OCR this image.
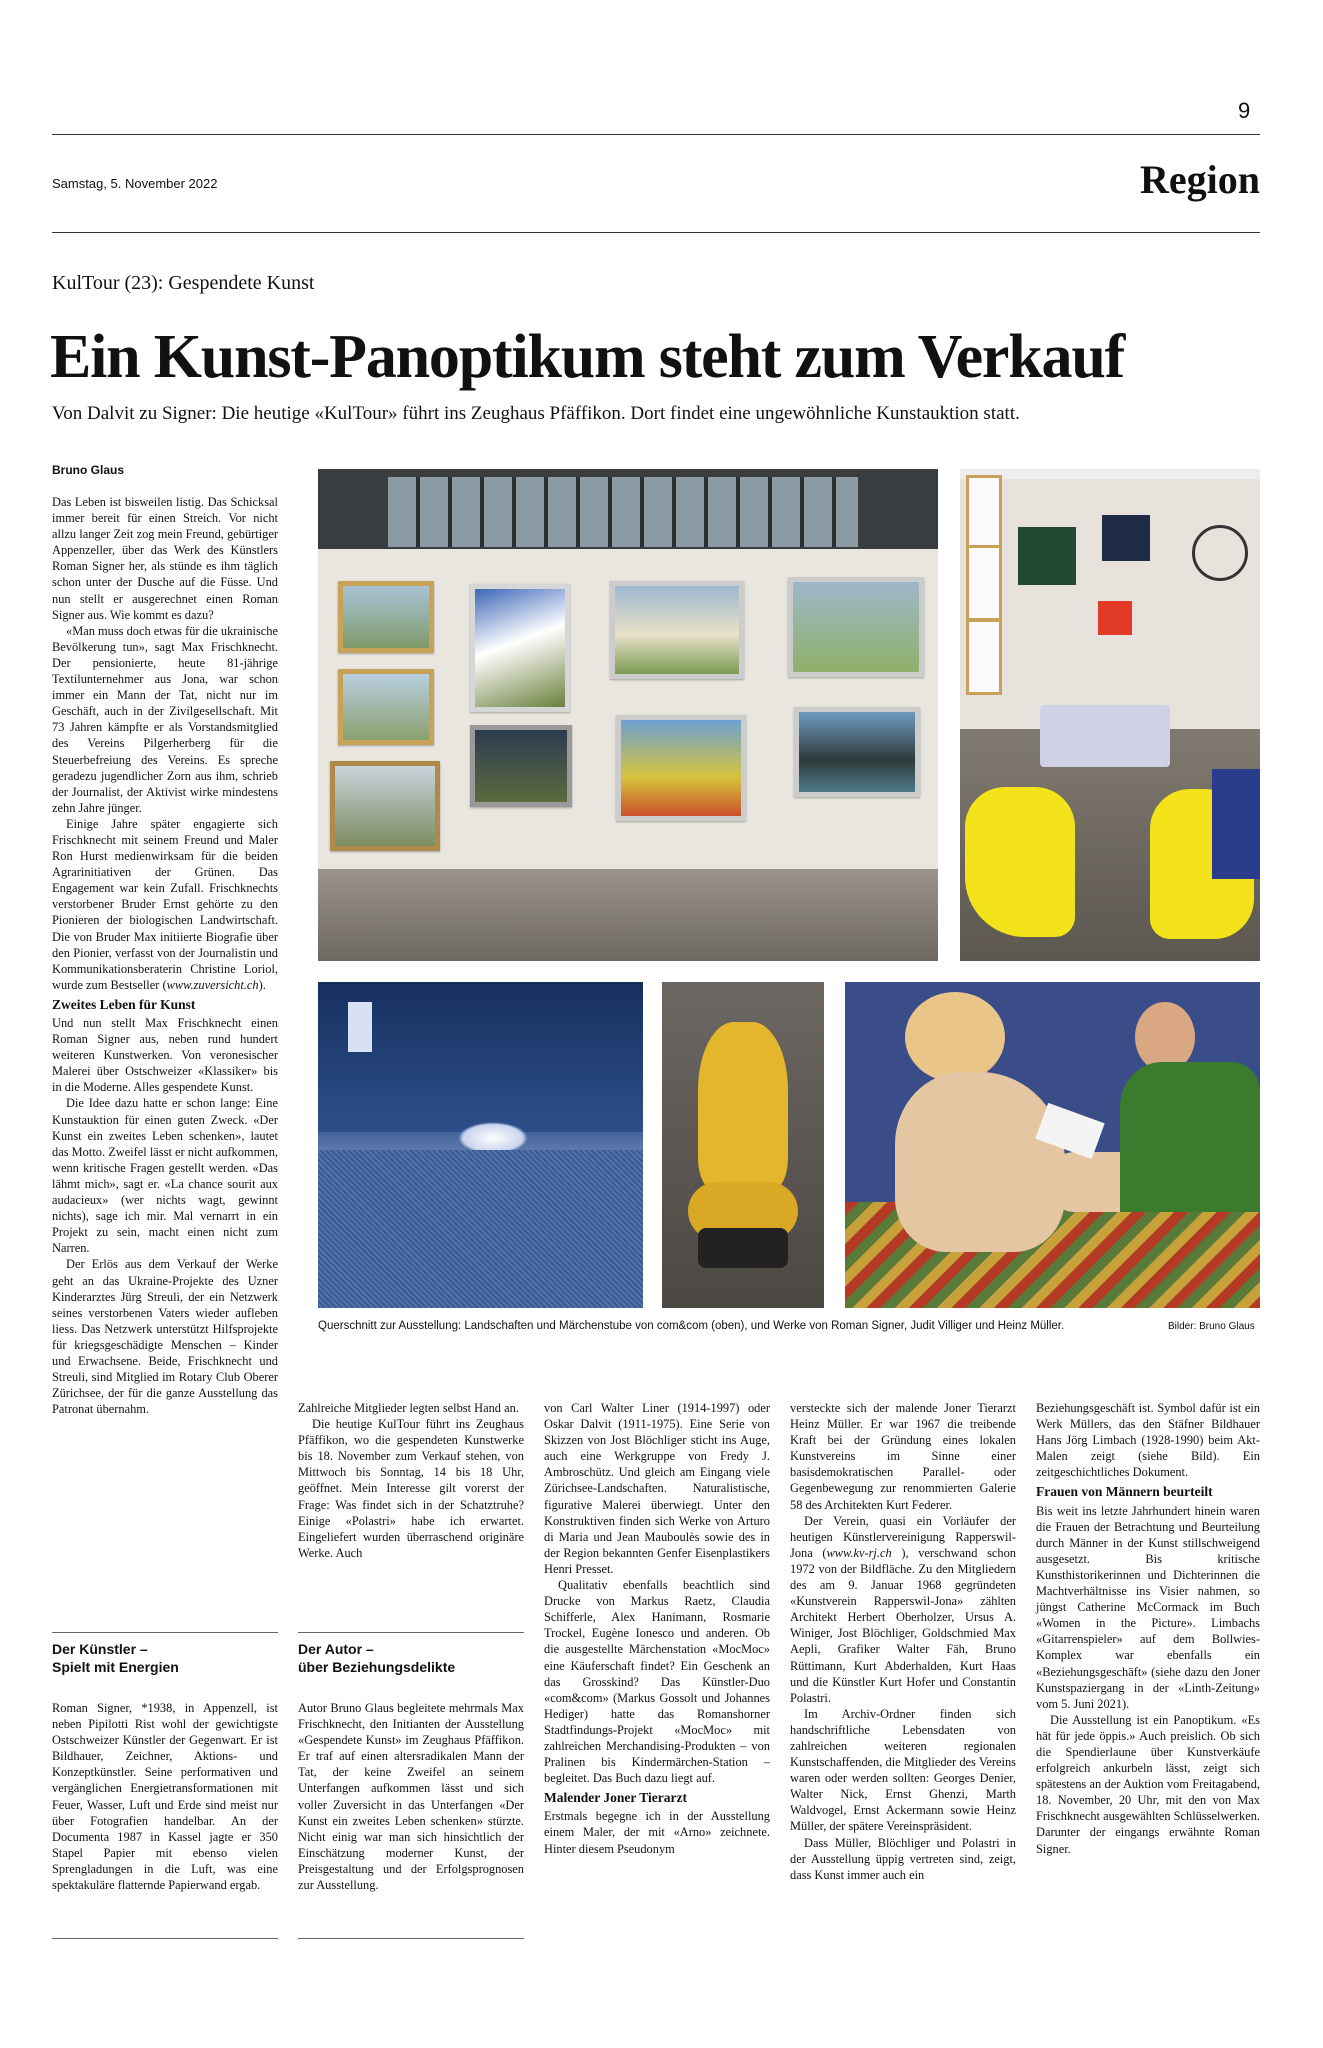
9
Samstag, 5. November 2022	Region
KulTour (23): Gespendete Kunst
Ein Kunst-Panoptikum steht zum Verkauf
Von Dalvit zu Signer: Die heutige «KulTour» führt ins Zeughaus Pfäffikon. Dort findet eine ungewöhnliche Kunstauktion statt.
Bruno Glaus

Das Leben ist bisweilen listig. Das Schicksal immer bereit für einen Streich. Vor nicht allzu langer Zeit zog mein Freund, gebürtiger Appenzeller, über das Werk des Künstlers Roman Signer her, als stünde es ihm täglich schon unter der Dusche auf die Füsse. Und nun stellt er ausgerechnet einen Roman Signer aus. Wie kommt es dazu?

«Man muss doch etwas für die ukrainische Bevölkerung tun», sagt Max Frischknecht. Der pensionierte, heute 81-jährige Textilunternehmer aus Jona, war schon immer ein Mann der Tat, nicht nur im Geschäft, auch in der Zivilgesellschaft. Mit 73 Jahren kämpfte er als Vorstandsmitglied des Vereins Pilgerherberg für die Steuerbefreiung des Vereins. Es spreche geradezu jugendlicher Zorn aus ihm, schrieb der Journalist, der Aktivist wirke mindestens zehn Jahre jünger.

Einige Jahre später engagierte sich Frischknecht mit seinem Freund und Maler Ron Hurst medienwirksam für die beiden Agrarinitiativen der Grünen. Das Engagement war kein Zufall. Frischknechts verstorbener Bruder Ernst gehörte zu den Pionieren der biologischen Landwirtschaft. Die von Bruder Max initiierte Biografie über den Pionier, verfasst von der Journalistin und Kommunikationsberaterin Christine Loriol, wurde zum Bestseller (www.zuversicht.ch).

Zweites Leben für Kunst

Und nun stellt Max Frischknecht einen Roman Signer aus, neben rund hundert weiteren Kunstwerken. Von veronesischer Malerei über Ostschweizer «Klassiker» bis in die Moderne. Alles gespendete Kunst.

Die Idee dazu hatte er schon lange: Eine Kunstauktion für einen guten Zweck. «Der Kunst ein zweites Leben schenken», lautet das Motto. Zweifel lässt er nicht aufkommen, wenn kritische Fragen gestellt werden. «Das lähmt mich», sagt er. «La chance sourit aux audacieux» (wer nichts wagt, gewinnt nichts), sage ich mir. Mal vernarrt in ein Projekt zu sein, macht einen nicht zum Narren.

Der Erlös aus dem Verkauf der Werke geht an das Ukraine-Projekte des Uzner Kinderarztes Jürg Streuli, der ein Netzwerk seines verstorbenen Vaters wieder aufleben liess. Das Netzwerk unterstützt Hilfsprojekte für kriegsgeschädigte Menschen – Kinder und Erwachsene. Beide, Frischknecht und Streuli, sind Mitglied im Rotary Club Oberer Zürichsee, der für die ganze Ausstellung das Patronat übernahm.

Querschnitt zur Ausstellung: Landschaften und Märchenstube von com&com (oben), und Werke von Roman Signer, Judit Villiger und Heinz Müller.	Bilder: Bruno Glaus

Zahlreiche Mitglieder legten selbst Hand an.

Die heutige KulTour führt ins Zeughaus Pfäffikon, wo die gespendeten Kunstwerke bis 18. November zum Verkauf stehen, von Mittwoch bis Sonntag, 14 bis 18 Uhr, geöffnet. Mein Interesse gilt vorerst der Frage: Was findet sich in der Schatztruhe? Einige «Polastri» habe ich erwartet. Eingeliefert wurden überraschend originäre Werke. Auch

von Carl Walter Liner (1914-1997) oder Oskar Dalvit (1911-1975). Eine Serie von Skizzen von Jost Blöchliger sticht ins Auge, auch eine Werkgruppe von Fredy J. Ambroschütz. Und gleich am Eingang viele Zürichsee-Landschaften. Naturalistische, figurative Malerei überwiegt. Unter den Konstruktiven finden sich Werke von Arturo di Maria und Jean Mauboulès sowie des in der Region bekannten Genfer Eisenplastikers Henri Presset.

Qualitativ ebenfalls beachtlich sind Drucke von Markus Raetz, Claudia Schifferle, Alex Hanimann, Rosmarie Trockel, Eugène Ionesco und anderen. Ob die ausgestellte Märchenstation «MocMoc» eine Käuferschaft findet? Ein Geschenk an das Grosskind? Das Künstler-Duo «com&com» (Markus Gossolt und Johannes Hediger) hatte das Romanshorner Stadtfindungs-Projekt «MocMoc» mit zahlreichen Merchandising-Produkten – von Pralinen bis Kindermärchen-Station – begleitet. Das Buch dazu liegt auf.

Malender Joner Tierarzt

Erstmals begegne ich in der Ausstellung einem Maler, der mit «Arno» zeichnete. Hinter diesem Pseudonym

versteckte sich der malende Joner Tierarzt Heinz Müller. Er war 1967 die treibende Kraft bei der Gründung eines lokalen Kunstvereins im Sinne einer basisdemokratischen Parallel- oder Gegenbewegung zur renommierten Galerie 58 des Architekten Kurt Federer.

Der Verein, quasi ein Vorläufer der heutigen Künstlervereinigung Rapperswil-Jona (www.kv-rj.ch ), verschwand schon 1972 von der Bildfläche. Zu den Mitgliedern des am 9. Januar 1968 gegründeten «Kunstverein Rapperswil-Jona» zählten Architekt Herbert Oberholzer, Ursus A. Winiger, Jost Blöchliger, Goldschmied Max Aepli, Grafiker Walter Fäh, Bruno Rüttimann, Kurt Abderhalden, Kurt Haas und die Künstler Kurt Hofer und Constantin Polastri.

Im Archiv-Ordner finden sich handschriftliche Lebensdaten von zahlreichen weiteren regionalen Kunstschaffenden, die Mitglieder des Vereins waren oder werden sollten: Georges Denier, Walter Nick, Ernst Ghenzi, Marth Waldvogel, Ernst Ackermann sowie Heinz Müller, der spätere Vereinspräsident.

Dass Müller, Blöchliger und Polastri in der Ausstellung üppig vertreten sind, zeigt, dass Kunst immer auch ein

Beziehungsgeschäft ist. Symbol dafür ist ein Werk Müllers, das den Stäfner Bildhauer Hans Jörg Limbach (1928-1990) beim Akt-Malen zeigt (siehe Bild). Ein zeitgeschichtliches Dokument.

Frauen von Männern beurteilt

Bis weit ins letzte Jahrhundert hinein waren die Frauen der Betrachtung und Beurteilung durch Männer in der Kunst stillschweigend ausgesetzt. Bis kritische Kunsthistorikerinnen und Dichterinnen die Machtverhältnisse ins Visier nahmen, so jüngst Catherine McCormack im Buch «Women in the Picture». Limbachs «Gitarrenspieler» auf dem Bollwies-Komplex war ebenfalls ein «Beziehungsgeschäft» (siehe dazu den Joner Kunstspaziergang in der «Linth-Zeitung» vom 5. Juni 2021).

Die Ausstellung ist ein Panoptikum. «Es hät für jede öppis.» Auch preislich. Ob sich die Spendierlaune über Kunstverkäufe erfolgreich ankurbeln lässt, zeigt sich spätestens an der Auktion vom Freitagabend, 18. November, 20 Uhr, mit den von Max Frischknecht ausgewählten Schlüsselwerken. Darunter der eingangs erwähnte Roman Signer.

Der Künstler –
Spielt mit Energien

Roman Signer, *1938, in Appenzell, ist neben Pipilotti Rist wohl der gewichtigste Ostschweizer Künstler der Gegenwart. Er ist Bildhauer, Zeichner, Aktions- und Konzeptkünstler. Seine performativen und vergänglichen Energietransformationen mit Feuer, Wasser, Luft und Erde sind meist nur über Fotografien handelbar. An der Documenta 1987 in Kassel jagte er 350 Stapel Papier mit ebenso vielen Sprengladungen in die Luft, was eine spektakuläre flatternde Papierwand ergab.

Der Autor –
über Beziehungsdelikte

Autor Bruno Glaus begleitete mehrmals Max Frischknecht, den Initianten der Ausstellung «Gespendete Kunst» im Zeughaus Pfäffikon. Er traf auf einen altersradikalen Mann der Tat, der keine Zweifel an seinem Unterfangen aufkommen lässt und sich voller Zuversicht in das Unterfangen «Der Kunst ein zweites Leben schenken» stürzte. Nicht einig war man sich hinsichtlich der Einschätzung moderner Kunst, der Preisgestaltung und der Erfolgsprognosen zur Ausstellung.
